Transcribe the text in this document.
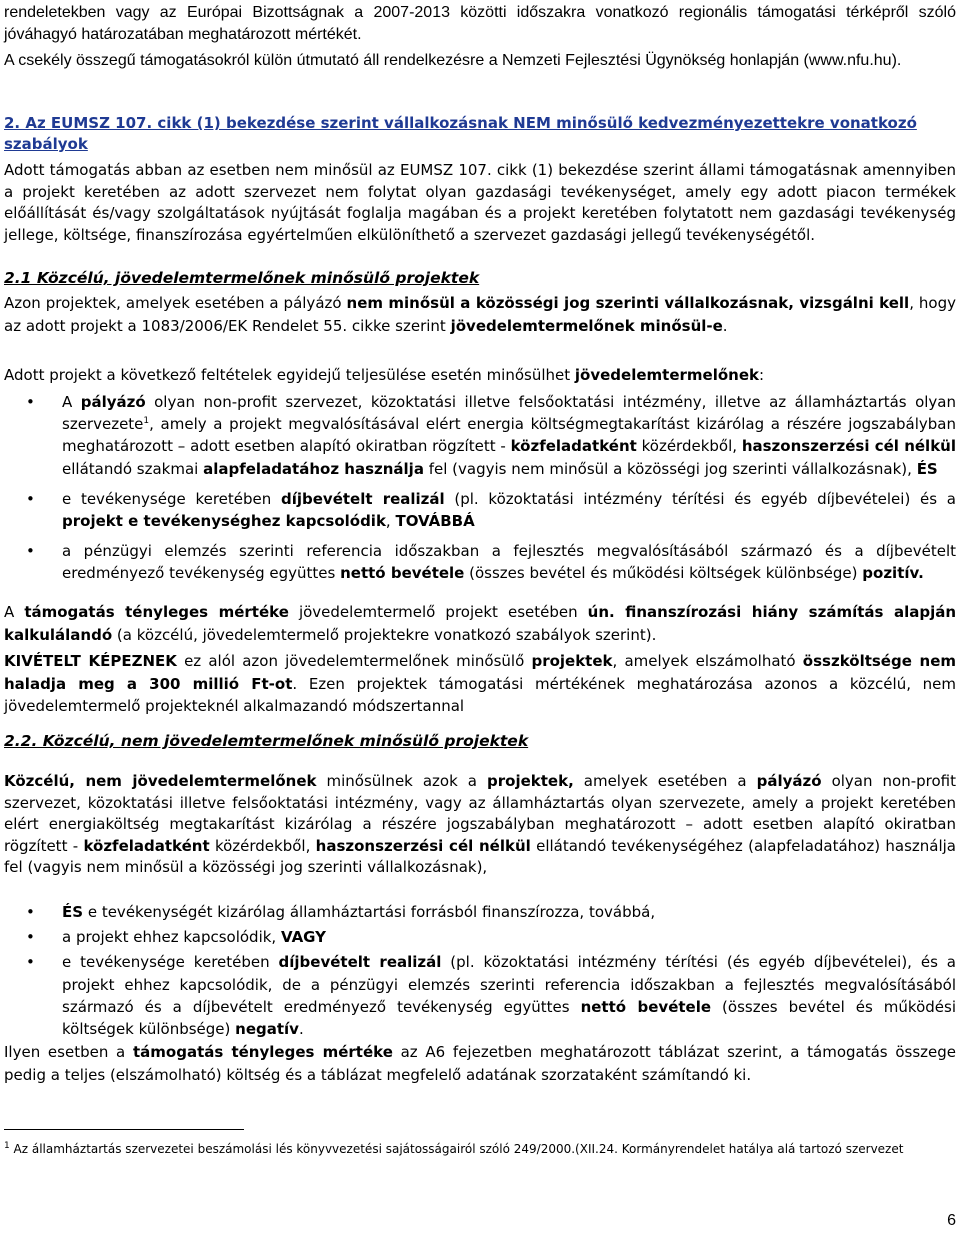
rendeletekben vagy az Európai Bizottságnak a 2007-2013 közötti időszakra vonatkozó regionális támogatási térképről szóló jóváhagyó határozatában meghatározott mértékét.

A csekély összegű támogatásokról külön útmutató áll rendelkezésre a Nemzeti Fejlesztési Ügynökség honlapján (www.nfu.hu).

2. Az EUMSZ 107. cikk (1) bekezdése szerint vállalkozásnak NEM minősülő kedvezményezettekre vonatkozó szabályok

Adott támogatás abban az esetben nem minősül az EUMSZ 107. cikk (1) bekezdése szerint állami támogatásnak amennyiben a projekt keretében az adott szervezet nem folytat olyan gazdasági tevékenységet, amely egy adott piacon termékek előállítását és/vagy szolgáltatások nyújtását foglalja magában és a projekt keretében folytatott nem gazdasági tevékenység jellege, költsége, finanszírozása egyértelműen elkülöníthető a szervezet gazdasági jellegű tevékenységétől.

2.1 Közcélú, jövedelemtermelőnek minősülő projektek

Azon projektek, amelyek esetében a pályázó nem minősül a közösségi jog szerinti vállalkozásnak, vizsgálni kell, hogy az adott projekt a 1083/2006/EK Rendelet 55. cikke szerint jövedelemtermelőnek minősül-e.

Adott projekt a következő feltételek egyidejű teljesülése esetén minősülhet jövedelemtermelőnek:

• A pályázó olyan non-profit szervezet, közoktatási illetve felsőoktatási intézmény, illetve az államháztartás olyan szervezete$^1$, amely a projekt megvalósításával elért energia költségmegtakarítást kizárólag a részére jogszabályban meghatározott – adott esetben alapító okiratban rögzített - közfeladatként közérdekből, haszonszerzési cél nélkül ellátandó szakmai alapfeladatához használja fel (vagyis nem minősül a közösségi jog szerinti vállalkozásnak), ÉS
• e tevékenysége keretében díjbevételt realizál (pl. közoktatási intézmény térítési és egyéb díjbevételei) és a projekt e tevékenységhez kapcsolódik, TOVÁBBÁ
• a pénzügyi elemzés szerinti referencia időszakban a fejlesztés megvalósításából származó és a díjbevételt eredményező tevékenység együttes nettó bevétele (összes bevétel és működési költségek különbsége) pozitív.

A támogatás tényleges mértéke jövedelemtermelő projekt esetében ún. finanszírozási hiány számítás alapján kalkulálandó (a közcélú, jövedelemtermelő projektekre vonatkozó szabályok szerint).

KIVÉTELT KÉPEZNEK ez alól azon jövedelemtermelőnek minősülő projektek, amelyek elszámolható összköltsége nem haladja meg a 300 millió Ft-ot. Ezen projektek támogatási mértékének meghatározása azonos a közcélú, nem jövedelemtermelő projekteknél alkalmazandó módszertannal

2.2. Közcélú, nem jövedelemtermelőnek minősülő projektek

Közcélú, nem jövedelemtermelőnek minősülnek azok a projektek, amelyek esetében a pályázó olyan non-profit szervezet, közoktatási illetve felsőoktatási intézmény, vagy az államháztartás olyan szervezete, amely a projekt keretében elért energiaköltség megtakarítást kizárólag a részére jogszabályban meghatározott – adott esetben alapító okiratban rögzített - közfeladatként közérdekből, haszonszerzési cél nélkül ellátandó tevékenységéhez (alapfeladatához) használja fel (vagyis nem minősül a közösségi jog szerinti vállalkozásnak),

• ÉS e tevékenységét kizárólag államháztartási forrásból finanszírozza, továbbá,
• a projekt ehhez kapcsolódik, VAGY
• e tevékenysége keretében díjbevételt realizál (pl. közoktatási intézmény térítési (és egyéb díjbevételei), és a projekt ehhez kapcsolódik, de a pénzügyi elemzés szerinti referencia időszakban a fejlesztés megvalósításából származó és a díjbevételt eredményező tevékenység együttes nettó bevétele (összes bevétel és működési költségek különbsége) negatív.

Ilyen esetben a támogatás tényleges mértéke az A6 fejezetben meghatározott táblázat szerint, a támogatás összege pedig a teljes (elszámolható) költség és a táblázat megfelelő adatának szorzataként számítandó ki.

$^1$ Az államháztartás szervezetei beszámolási lés könyvvezetési sajátosságairól szóló 249/2000.(XII.24. Kormányrendelet hatálya alá tartozó szervezet

6
